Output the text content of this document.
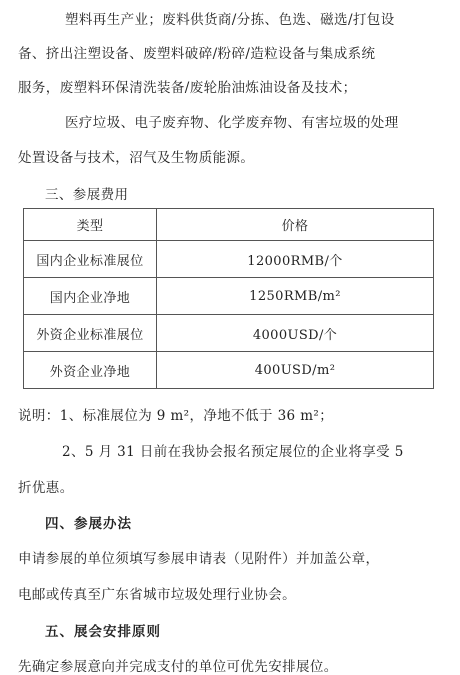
塑料再生产业；废料供货商/分拣、色选、磁选/打包设
备、挤出注塑设备、废塑料破碎/粉碎/造粒设备与集成系统
服务，废塑料环保清洗装备/废轮胎油炼油设备及技术；
医疗垃圾、电子废弃物、化学废弃物、有害垃圾的处理
处置设备与技术，沼气及生物质能源。
三、参展费用
类型	价格
国内企业标准展位	12000RMB/个
国内企业净地	1250RMB/m²
外资企业标准展位	4000USD/个
外资企业净地	400USD/m²
说明：1、标准展位为 9 m²，净地不低于 36 m²；
2、5 月 31 日前在我协会报名预定展位的企业将享受 5
折优惠。
四、参展办法
申请参展的单位须填写参展申请表（见附件）并加盖公章，
电邮或传真至广东省城市垃圾处理行业协会。
五、展会安排原则
先确定参展意向并完成支付的单位可优先安排展位。
